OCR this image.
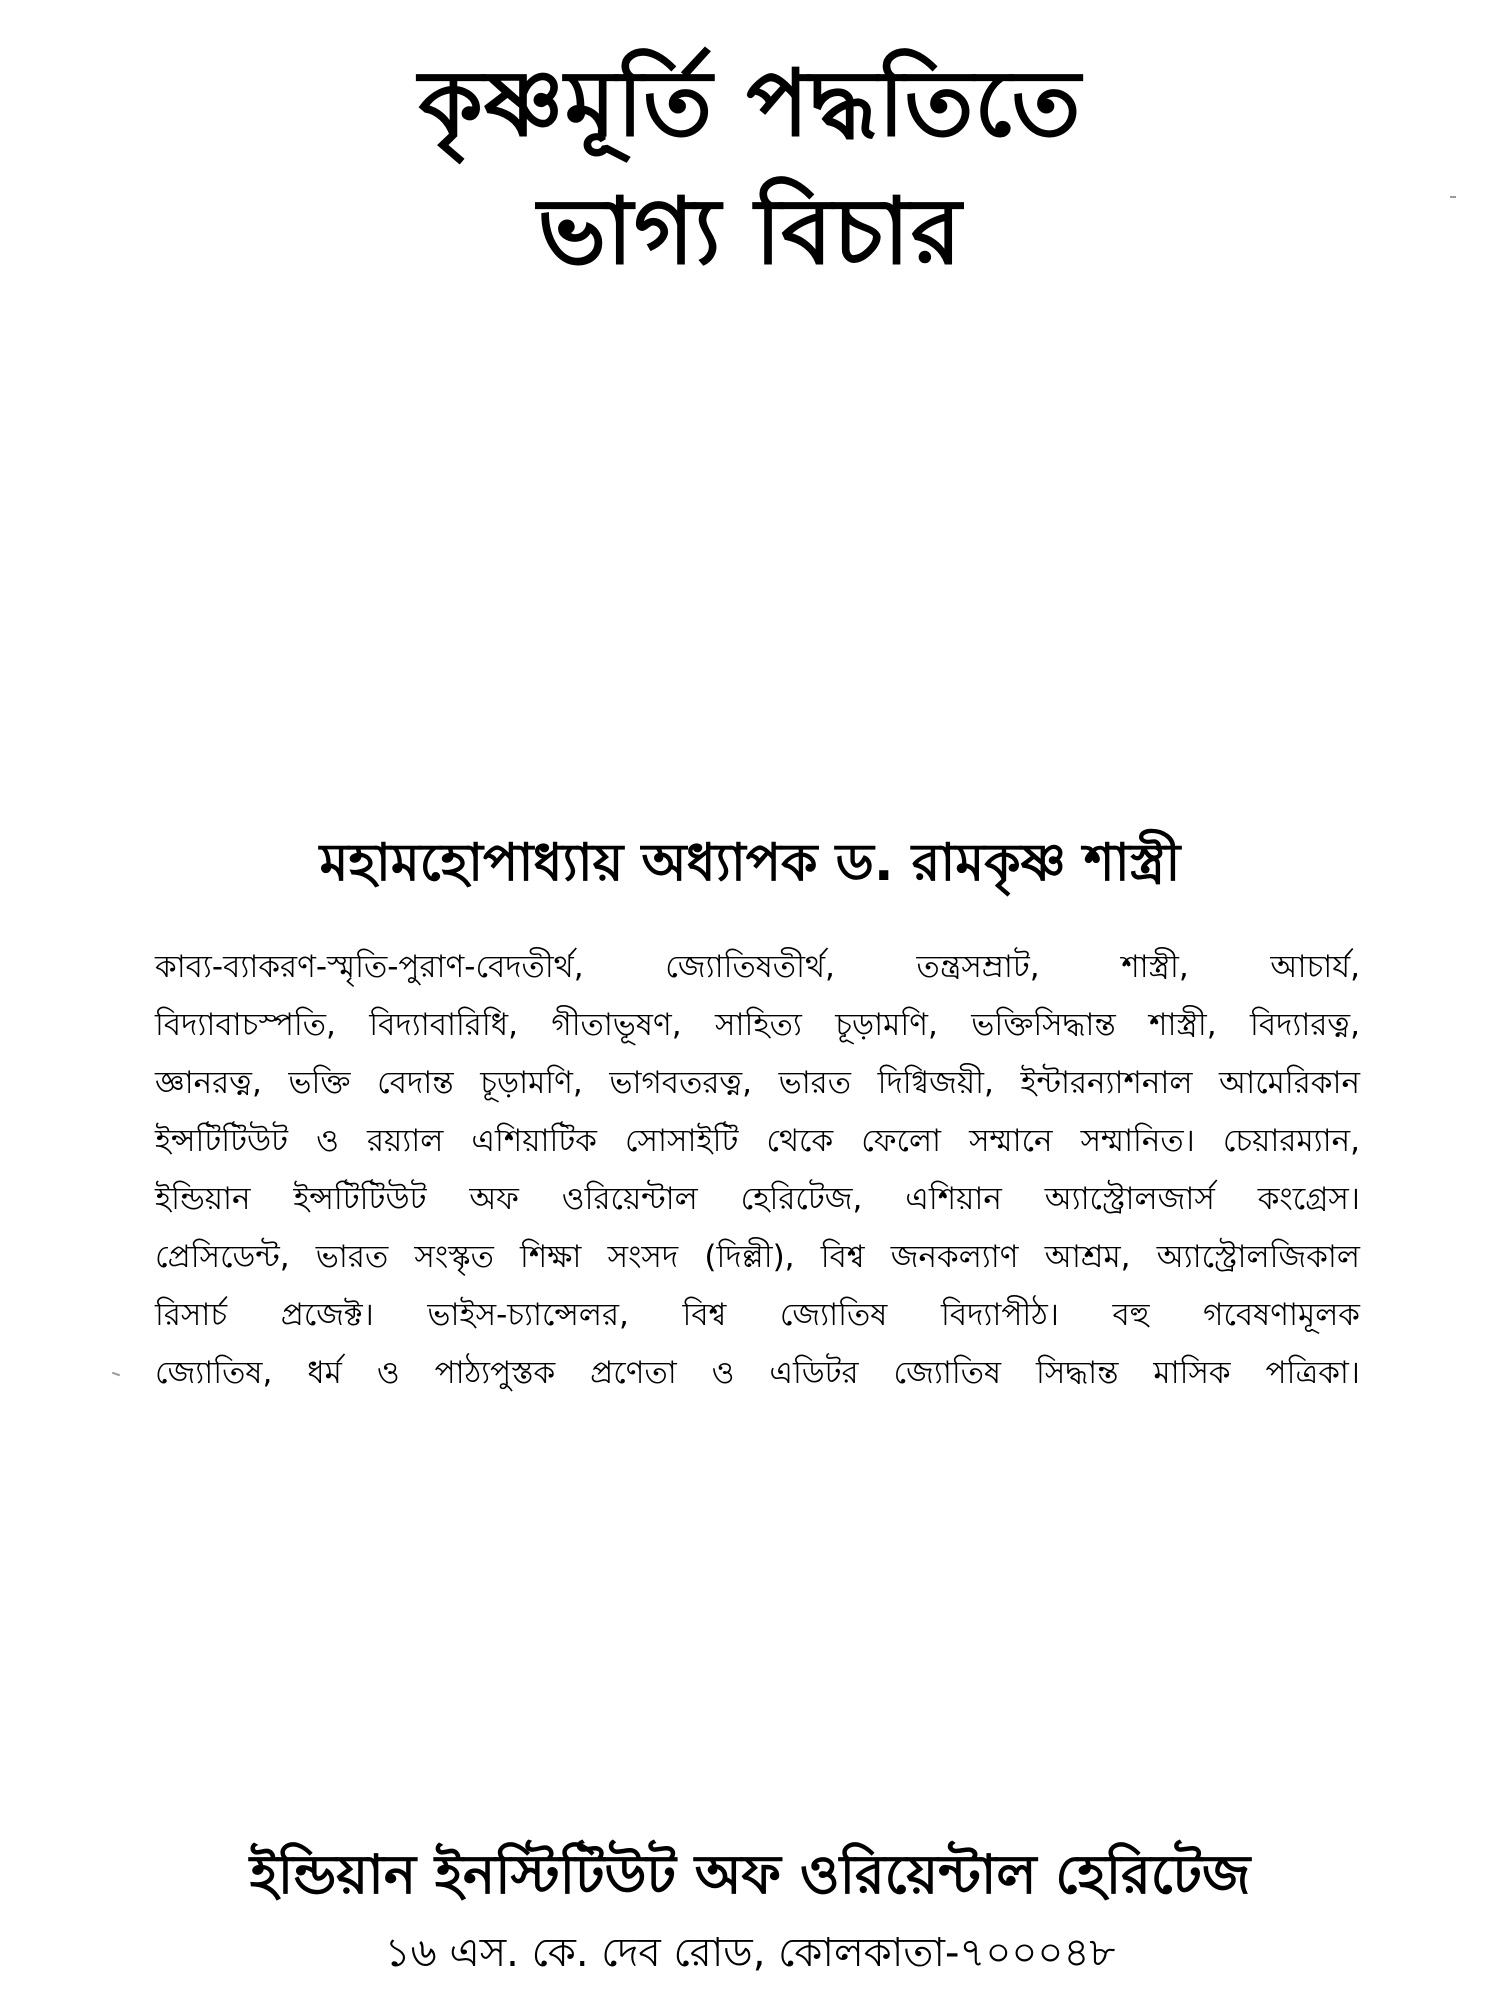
কৃষ্ণমূর্তি পদ্ধতিতে
ভাগ্য বিচার
মহামহোপাধ্যায় অধ্যাপক ড. রামকৃষ্ণ শাস্ত্রী
কাব্য-ব্যাকরণ-স্মৃতি-পুরাণ-বেদতীর্থ, জ্যোতিষতীর্থ, তন্ত্রসম্রাট, শাস্ত্রী, আচার্য,
বিদ্যাবাচস্পতি, বিদ্যাবারিধি, গীতাভূষণ, সাহিত্য চূড়ামণি, ভক্তিসিদ্ধান্ত শাস্ত্রী, বিদ্যারত্ন,
জ্ঞানরত্ন, ভক্তি বেদান্ত চূড়ামণি, ভাগবতরত্ন, ভারত দিগ্বিজয়ী, ইন্টারন্যাশনাল আমেরিকান
ইন্সটিটিউট ও রয়্যাল এশিয়াটিক সোসাইটি থেকে ফেলো সম্মানে সম্মানিত। চেয়ারম্যান,
ইন্ডিয়ান ইন্সটিটিউট অফ ওরিয়েন্টাল হেরিটেজ, এশিয়ান অ্যাস্ট্রোলজার্স কংগ্রেস।
প্রেসিডেন্ট, ভারত সংস্কৃত শিক্ষা সংসদ (দিল্লী), বিশ্ব জনকল্যাণ আশ্রম, অ্যাস্ট্রোলজিকাল
রিসার্চ প্রজেক্ট। ভাইস-চ্যান্সেলর, বিশ্ব জ্যোতিষ বিদ্যাপীঠ। বহু গবেষণামূলক
জ্যোতিষ, ধর্ম ও পাঠ্যপুস্তক প্রণেতা ও এডিটর জ্যোতিষ সিদ্ধান্ত মাসিক পত্রিকা।
ইন্ডিয়ান ইনস্টিটিউট অফ ওরিয়েন্টাল হেরিটেজ
১৬ এস. কে. দেব রোড, কোলকাতা-৭০০০৪৮
